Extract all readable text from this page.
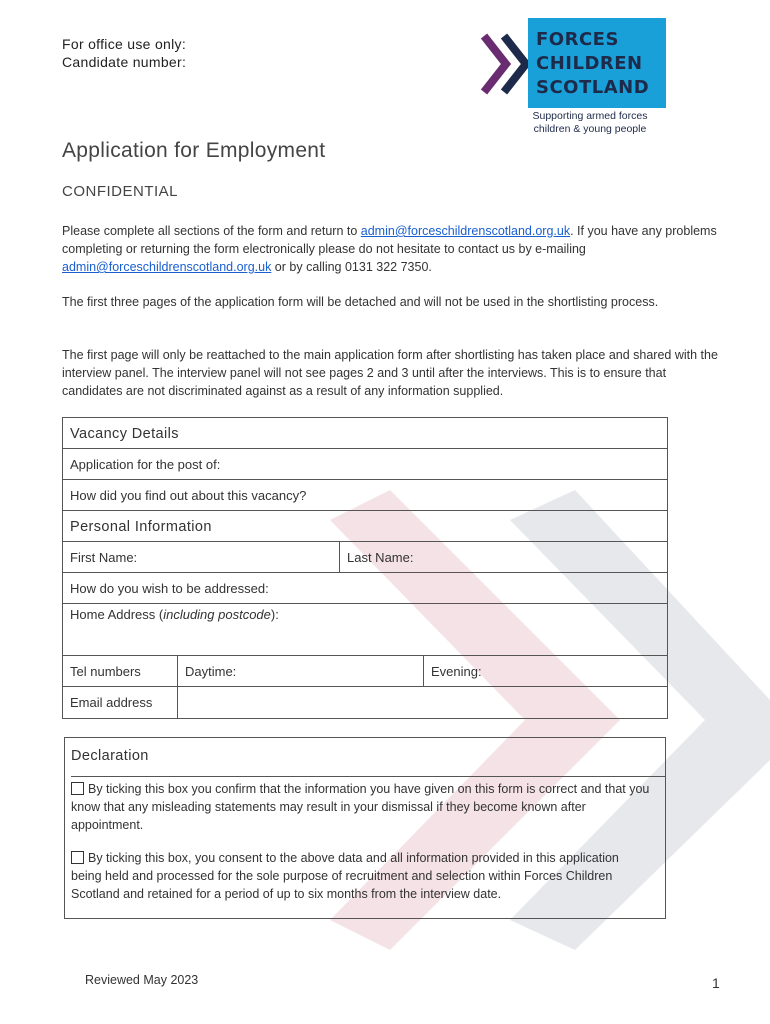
For office use only:
Candidate number:
FORCES
CHILDREN
SCOTLAND
Supporting armed forces
children & young people
Application for Employment
CONFIDENTIAL
Please complete all sections of the form and return to admin@forceschildrenscotland.org.uk. If you have any problems completing or returning the form electronically please do not hesitate to contact us by e-mailing admin@forceschildrenscotland.org.uk or by calling 0131 322 7350.
The first three pages of the application form will be detached and will not be used in the shortlisting process.
The first page will only be reattached to the main application form after shortlisting has taken place and shared with the interview panel. The interview panel will not see pages 2 and 3 until after the interviews. This is to ensure that candidates are not discriminated against as a result of any information supplied.
Vacancy Details
Application for the post of:
How did you find out about this vacancy?
Personal Information
First Name:	Last Name:
How do you wish to be addressed:
Home Address (including postcode):
Tel numbers	Daytime:	Evening:
Email address
Declaration
By ticking this box you confirm that the information you have given on this form is correct and that you know that any misleading statements may result in your dismissal if they become known after appointment.
By ticking this box, you consent to the above data and all information provided in this application being held and processed for the sole purpose of recruitment and selection within Forces Children Scotland and retained for a period of up to six months from the interview date.
Reviewed May 2023	1
